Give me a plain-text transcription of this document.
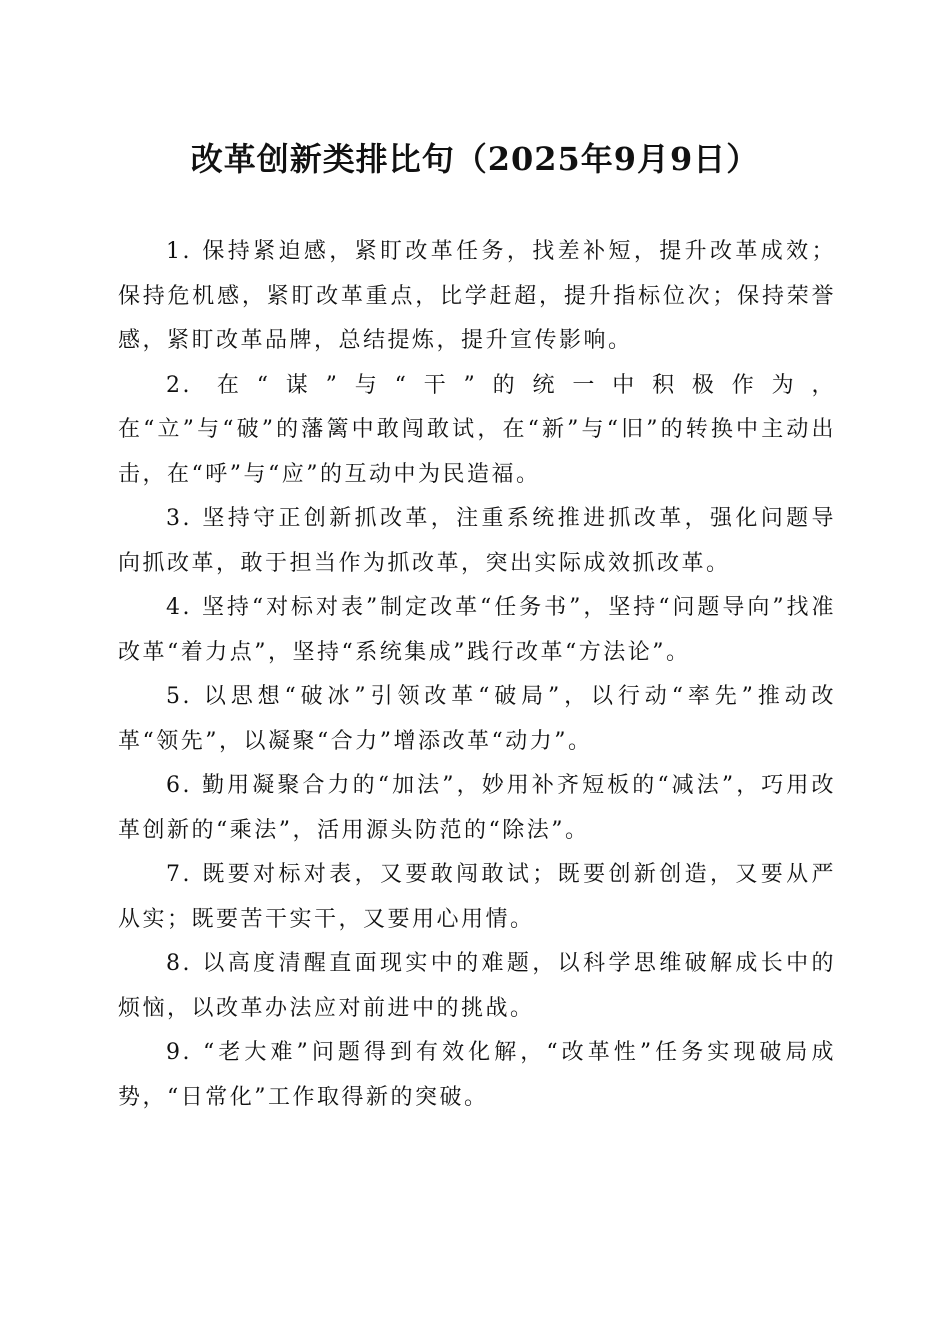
改革创新类排比句（2025年9月9日）

1. 保持紧迫感，紧盯改革任务，找差补短，提升改革成效；保持危机感，紧盯改革重点，比学赶超，提升指标位次；保持荣誉感，紧盯改革品牌，总结提炼，提升宣传影响。

2. 在“谋”与“干”的统一中积极作为，

在“立”与“破”的藩篱中敢闯敢试，在“新”与“旧”的转换中主动出击，在“呼”与“应”的互动中为民造福。

3. 坚持守正创新抓改革，注重系统推进抓改革，强化问题导向抓改革，敢于担当作为抓改革，突出实际成效抓改革。

4. 坚持“对标对表”制定改革“任务书”，坚持“问题导向”找准改革“着力点”，坚持“系统集成”践行改革“方法论”。

5. 以思想“破冰”引领改革“破局”，以行动“率先”推动改革“领先”，以凝聚“合力”增添改革“动力”。

6. 勤用凝聚合力的“加法”，妙用补齐短板的“减法”，巧用改革创新的“乘法”，活用源头防范的“除法”。

7. 既要对标对表，又要敢闯敢试；既要创新创造，又要从严从实；既要苦干实干，又要用心用情。

8. 以高度清醒直面现实中的难题，以科学思维破解成长中的烦恼，以改革办法应对前进中的挑战。

9. “老大难”问题得到有效化解，“改革性”任务实现破局成势，“日常化”工作取得新的突破。
